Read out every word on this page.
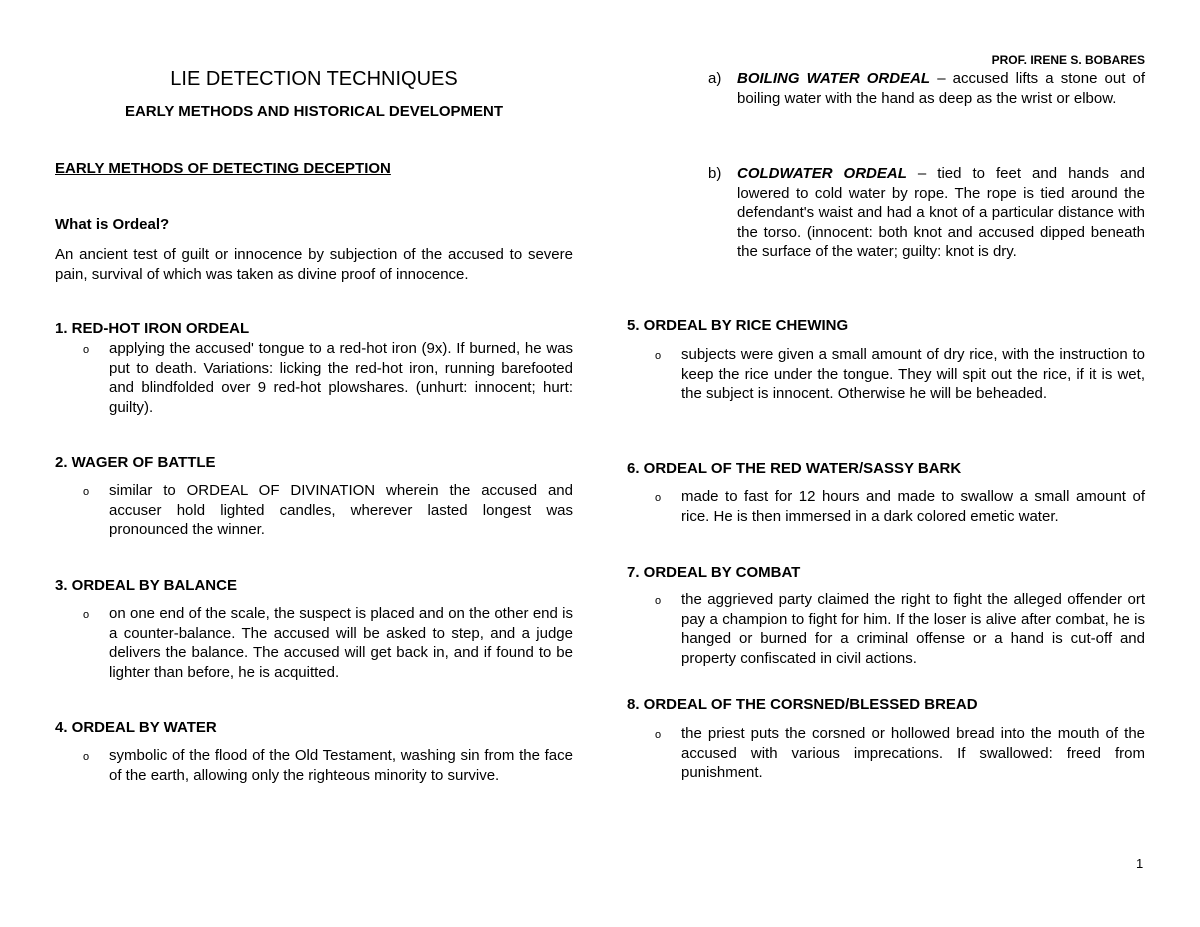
PROF. IRENE S. BOBARES
LIE DETECTION TECHNIQUES
EARLY METHODS AND HISTORICAL DEVELOPMENT
EARLY METHODS OF DETECTING DECEPTION
What is Ordeal?

An ancient test of guilt or innocence by subjection of the accused to severe pain, survival of which was taken as divine proof of innocence.

1. RED-HOT IRON ORDEAL
o	applying the accused' tongue to a red-hot iron (9x). If burned, he was put to death. Variations: licking the red-hot iron, running barefooted and blindfolded over 9 red-hot plowshares. (unhurt: innocent; hurt: guilty).
2. WAGER OF BATTLE
o	similar to ORDEAL OF DIVINATION wherein the accused and accuser hold lighted candles, wherever lasted longest was pronounced the winner.
3. ORDEAL BY BALANCE
o	on one end of the scale, the suspect is placed and on the other end is a counter-balance. The accused will be asked to step, and a judge delivers the balance. The accused will get back in, and if found to be lighter than before, he is acquitted.
4. ORDEAL BY WATER
o	symbolic of the flood of the Old Testament, washing sin from the face of the earth, allowing only the righteous minority to survive.
a)	BOILING WATER ORDEAL – accused lifts a stone out of boiling water with the hand as deep as the wrist or elbow.
b)	COLDWATER ORDEAL – tied to feet and hands and lowered to cold water by rope. The rope is tied around the defendant's waist and had a knot of a particular distance with the torso. (innocent: both knot and accused dipped beneath the surface of the water; guilty: knot is dry.
5. ORDEAL BY RICE CHEWING
o	subjects were given a small amount of dry rice, with the instruction to keep the rice under the tongue. They will spit out the rice, if it is wet, the subject is innocent. Otherwise he will be beheaded.
6. ORDEAL OF THE RED WATER/SASSY BARK
o	made to fast for 12 hours and made to swallow a small amount of rice. He is then immersed in a dark colored emetic water.
7. ORDEAL BY COMBAT
o	the aggrieved party claimed the right to fight the alleged offender ort pay a champion to fight for him. If the loser is alive after combat, he is hanged or burned for a criminal offense or a hand is cut-off and property confiscated in civil actions.
8. ORDEAL OF THE CORSNED/BLESSED BREAD
o	the priest puts the corsned or hollowed bread into the mouth of the accused with various imprecations. If swallowed: freed from punishment.
1
